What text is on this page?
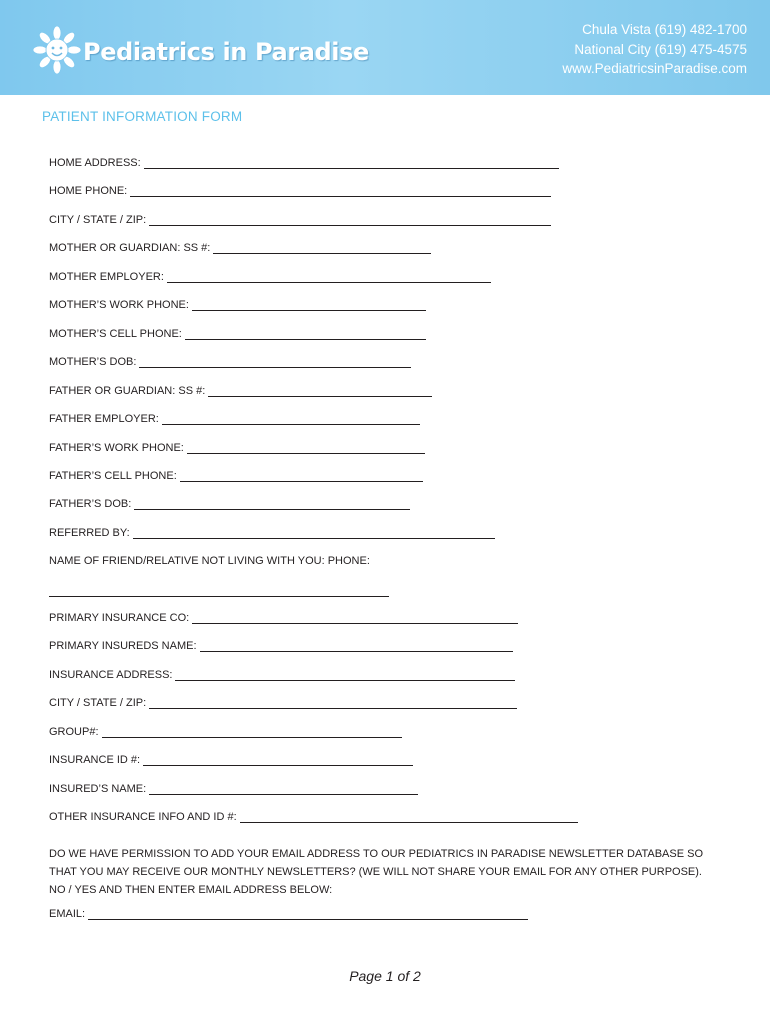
Pediatrics in Paradise
Chula Vista (619) 482-1700
National City (619) 475-4575
www.PediatricsinParadise.com
PATIENT INFORMATION FORM
HOME ADDRESS:
HOME PHONE:
CITY / STATE / ZIP:
MOTHER OR GUARDIAN: SS #:
MOTHER EMPLOYER:
MOTHER’S WORK PHONE:
MOTHER’S CELL PHONE:
MOTHER’S DOB:
FATHER OR GUARDIAN: SS #:
FATHER EMPLOYER:
FATHER’S WORK PHONE:
FATHER’S CELL PHONE:
FATHER’S DOB:
REFERRED BY:
NAME OF FRIEND/RELATIVE NOT LIVING WITH YOU: PHONE:
PRIMARY INSURANCE CO:
PRIMARY INSUREDS NAME:
INSURANCE ADDRESS:
CITY / STATE / ZIP:
GROUP#:
INSURANCE ID #:
INSURED’S NAME:
OTHER INSURANCE INFO AND ID #:
DO WE HAVE PERMISSION TO ADD YOUR EMAIL ADDRESS TO OUR PEDIATRICS IN PARADISE NEWSLETTER DATABASE SO THAT YOU MAY RECEIVE OUR MONTHLY NEWSLETTERS? (WE WILL NOT SHARE YOUR EMAIL FOR ANY OTHER PURPOSE). NO / YES AND THEN ENTER EMAIL ADDRESS BELOW:
EMAIL:
Page 1 of 2
